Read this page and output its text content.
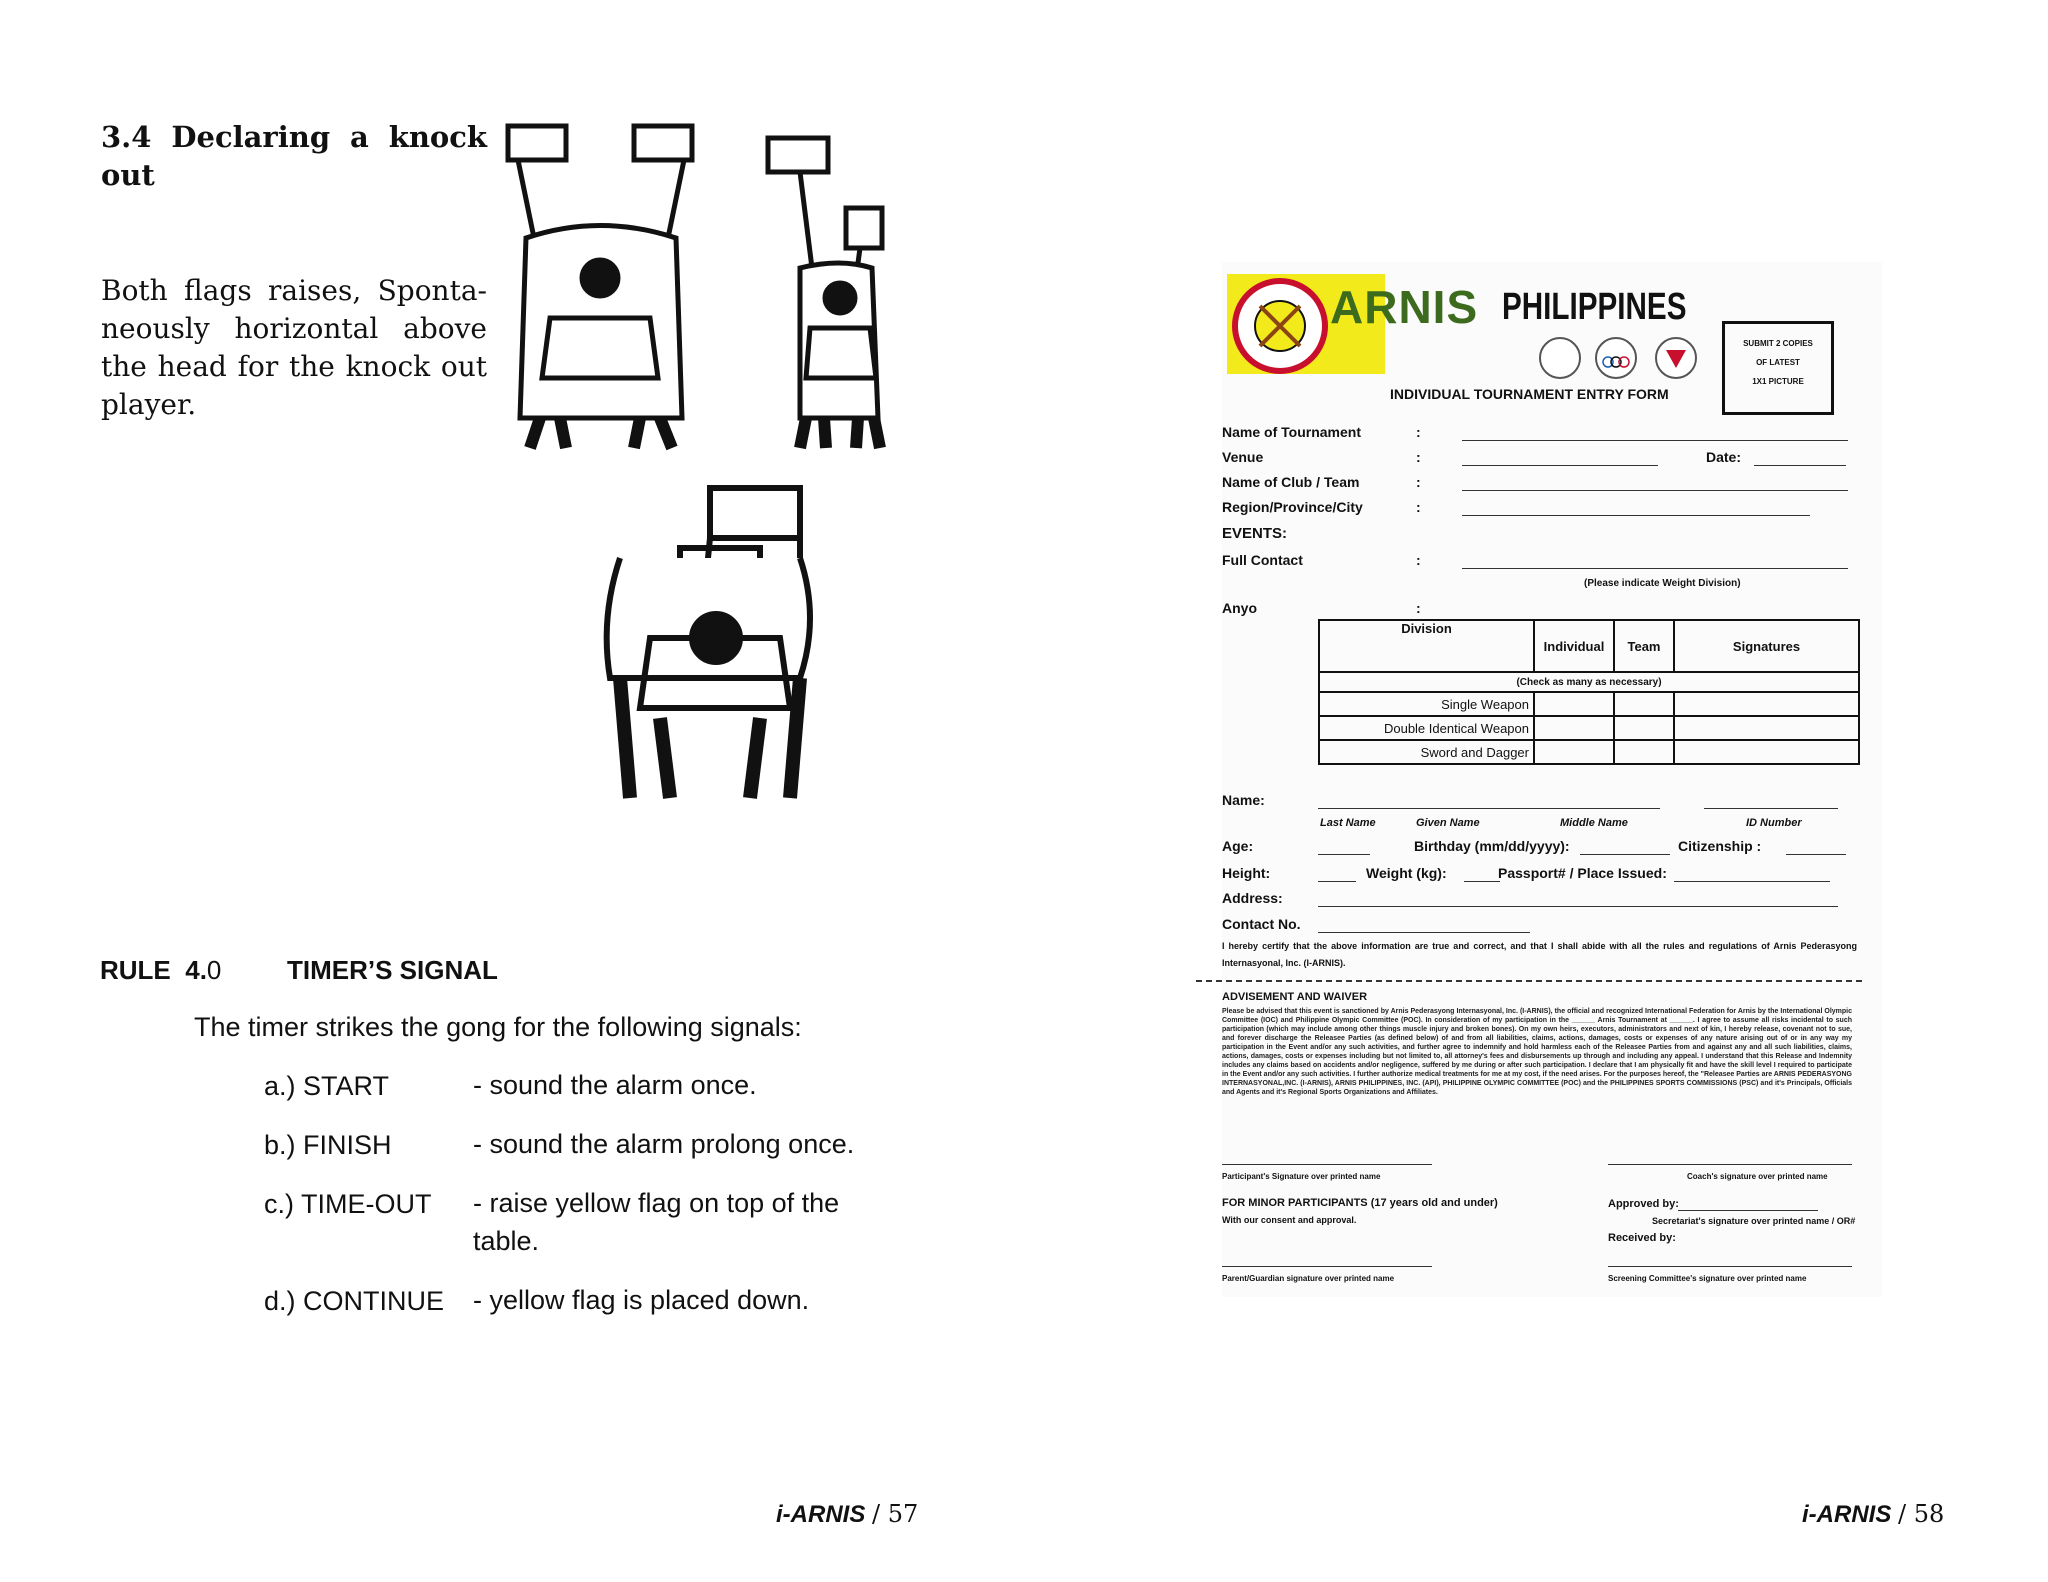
3.4 Declaring a knock out
Both flags raises, Sponta-neously horizontal above the head for the knock out player.
RULE 4.0	TIMER’S SIGNAL
The timer strikes the gong for the following signals:
a.) START	- sound the alarm once.
b.) FINISH	- sound the alarm prolong once.
c.) TIME-OUT - raise yellow flag on top of the table.
d.) CONTINUE - yellow flag is placed down.
i-ARNIS / 57
ARNIS PHILIPPINES
SUBMIT 2 COPIES
OF LATEST
1X1 PICTURE
INDIVIDUAL TOURNAMENT ENTRY FORM
Name of Tournament	:
Venue	:	Date:
Name of Club / Team	:
Region/Province/City	:
EVENTS:
Full Contact	:
(Please indicate Weight Division)
Anyo	:
Division	Individual	Team	Signatures
(Check as many as necessary)			
Single Weapon			
Double Identical Weapon			
Sword and Dagger			
Name:
Last Name	Given Name	Middle Name	ID Number
Age:	Birthday (mm/dd/yyyy):	Citizenship :
Height:	Weight (kg):	Passport# / Place Issued:
Address:
Contact No.
I hereby certify that the above information are true and correct, and that I shall abide with all the rules and regulations of Arnis Pederasyong Internasyonal, Inc. (I-ARNIS).
ADVISEMENT AND WAIVER
Please be advised that this event is sanctioned by Arnis Pederasyong Internasyonal, Inc. (I-ARNIS), the official and recognized International Federation for Arnis by the International Olympic Committee (IOC) and Philippine Olympic Committee (POC). In consideration of my participation in the ______ Arnis Tournament at ______. I agree to assume all risks incidental to such participation (which may include among other things muscle injury and broken bones). On my own heirs, executors, administrators and next of kin, I hereby release, covenant not to sue, and forever discharge the Releasee Parties (as defined below) of and from all liabilities, claims, actions, damages, costs or expenses of any nature arising out of or in any way my participation in the Event and/or any such activities, and further agree to indemnify and hold harmless each of the Releasee Parties from and against any and all such liabilities, claims, actions, damages, costs or expenses including but not limited to, all attorney's fees and disbursements up through and including any appeal. I understand that this Release and Indemnity includes any claims based on accidents and/or negligence, suffered by me during or after such participation. I declare that I am physically fit and have the skill level I required to participate in the Event and/or any such activities. I further authorize medical treatments for me at my cost, if the need arises. For the purposes hereof, the "Releasee Parties are ARNIS PEDERASYONG INTERNASYONAL,INC. (I-ARNIS), ARNIS PHILIPPINES, INC. (API), PHILIPPINE OLYMPIC COMMITTEE (POC) and the PHILIPPINES SPORTS COMMISSIONS (PSC) and it's Principals, Officials and Agents and it's Regional Sports Organizations and Affiliates.
Participant's Signature over printed name	Coach's signature over printed name
FOR MINOR PARTICIPANTS (17 years old and under)
With our consent and approval.
Approved by:
Secretariat's signature over printed name / OR#
Received by:
Parent/Guardian signature over printed name	Screening Committee's signature over printed name
i-ARNIS / 58
